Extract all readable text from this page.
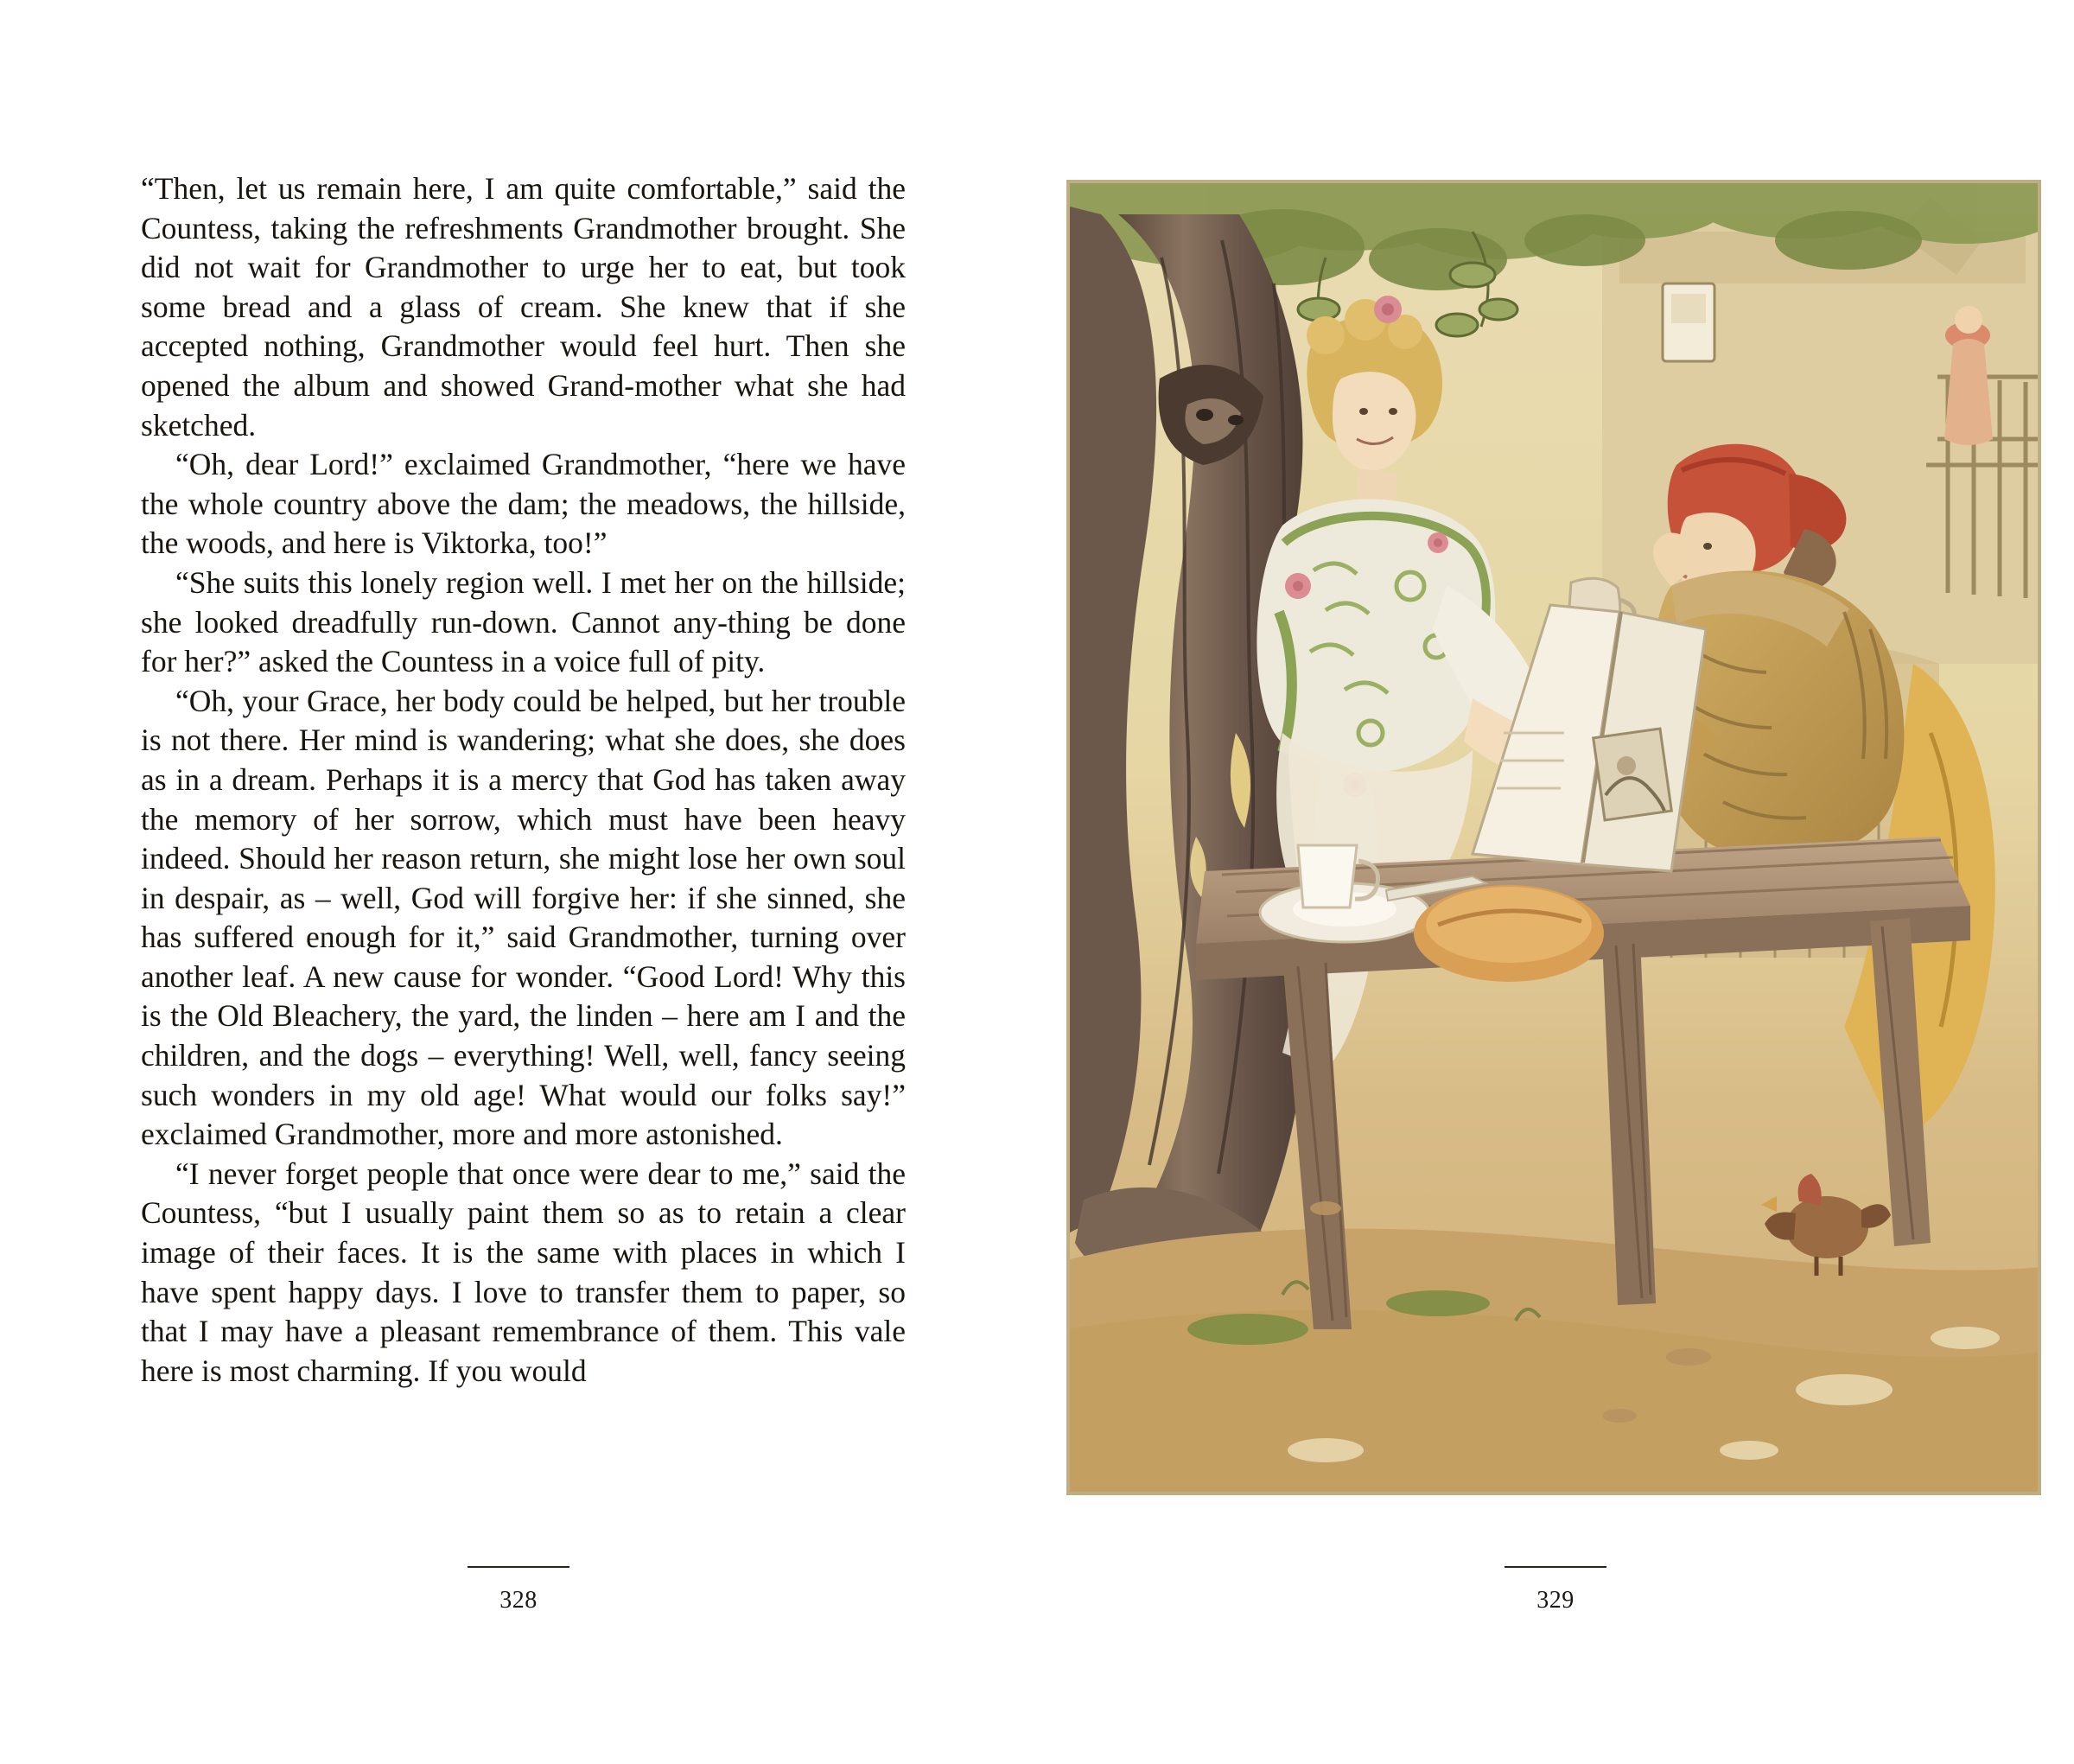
“Then, let us remain here, I am quite comfortable,” said the Countess, taking the refreshments Grandmother brought. She did not wait for Grandmother to urge her to eat, but took some bread and a glass of cream. She knew that if she accepted nothing, Grandmother would feel hurt. Then she opened the album and showed Grand-mother what she had sketched.

“Oh, dear Lord!” exclaimed Grandmother, “here we have the whole country above the dam; the meadows, the hillside, the woods, and here is Viktorka, too!”

“She suits this lonely region well. I met her on the hillside; she looked dreadfully run-down. Cannot any-thing be done for her?” asked the Countess in a voice full of pity.

“Oh, your Grace, her body could be helped, but her trouble is not there. Her mind is wandering; what she does, she does as in a dream. Perhaps it is a mercy that God has taken away the memory of her sorrow, which must have been heavy indeed. Should her reason return, she might lose her own soul in despair, as – well, God will forgive her: if she sinned, she has suffered enough for it,” said Grandmother, turning over another leaf. A new cause for wonder. “Good Lord! Why this is the Old Bleachery, the yard, the linden – here am I and the children, and the dogs – everything! Well, well, fancy seeing such wonders in my old age! What would our folks say!” exclaimed Grandmother, more and more astonished.

“I never forget people that once were dear to me,” said the Countess, “but I usually paint them so as to retain a clear image of their faces. It is the same with places in which I have spent happy days. I love to transfer them to paper, so that I may have a pleasant remembrance of them. This vale here is most charming. If you would

328	329
